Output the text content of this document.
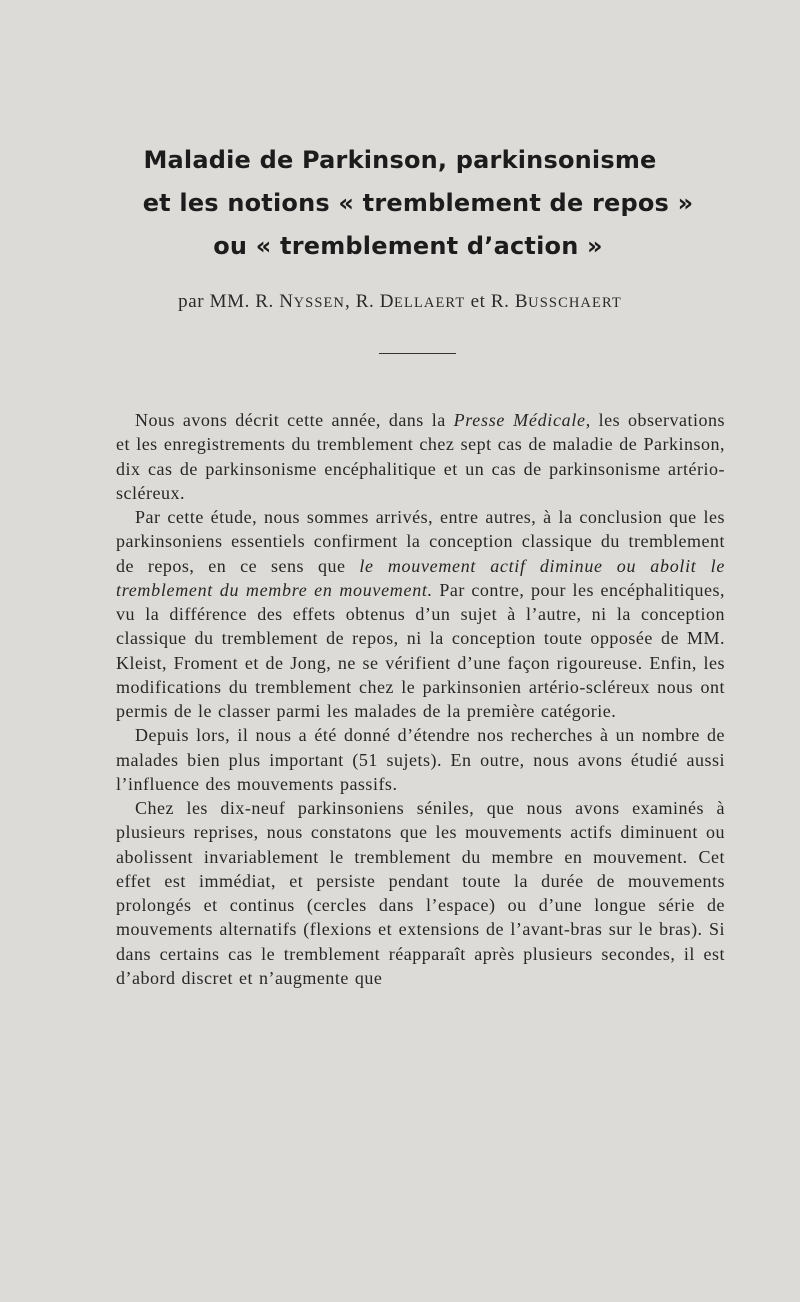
Maladie de Parkinson, parkinsonisme
et les notions « tremblement de repos »
ou « tremblement d’action »
par MM. R. NYSSEN, R. DELLAERT et R. BUSSCHAERT

Nous avons décrit cette année, dans la Presse Médicale, les observations et les enregistrements du tremblement chez sept cas de maladie de Parkinson, dix cas de parkinsonisme encéphalitique et un cas de parkinsonisme artério-scléreux.

Par cette étude, nous sommes arrivés, entre autres, à la conclusion que les parkinsoniens essentiels confirment la conception classique du tremblement de repos, en ce sens que le mouvement actif diminue ou abolit le tremblement du membre en mouvement. Par contre, pour les encéphalitiques, vu la différence des effets obtenus d’un sujet à l’autre, ni la conception classique du tremblement de repos, ni la conception toute opposée de MM. Kleist, Froment et de Jong, ne se vérifient d’une façon rigoureuse. Enfin, les modifications du tremblement chez le parkinsonien artério-scléreux nous ont permis de le classer parmi les malades de la première catégorie.

Depuis lors, il nous a été donné d’étendre nos recherches à un nombre de malades bien plus important (51 sujets). En outre, nous avons étudié aussi l’influence des mouvements passifs.

Chez les dix-neuf parkinsoniens séniles, que nous avons examinés à plusieurs reprises, nous constatons que les mouvements actifs diminuent ou abolissent invariablement le tremblement du membre en mouvement. Cet effet est immédiat, et persiste pendant toute la durée de mouvements prolongés et continus (cercles dans l’espace) ou d’une longue série de mouvements alternatifs (flexions et extensions de l’avant-bras sur le bras). Si dans certains cas le tremblement réapparaît après plusieurs secondes, il est d’abord discret et n’augmente que
